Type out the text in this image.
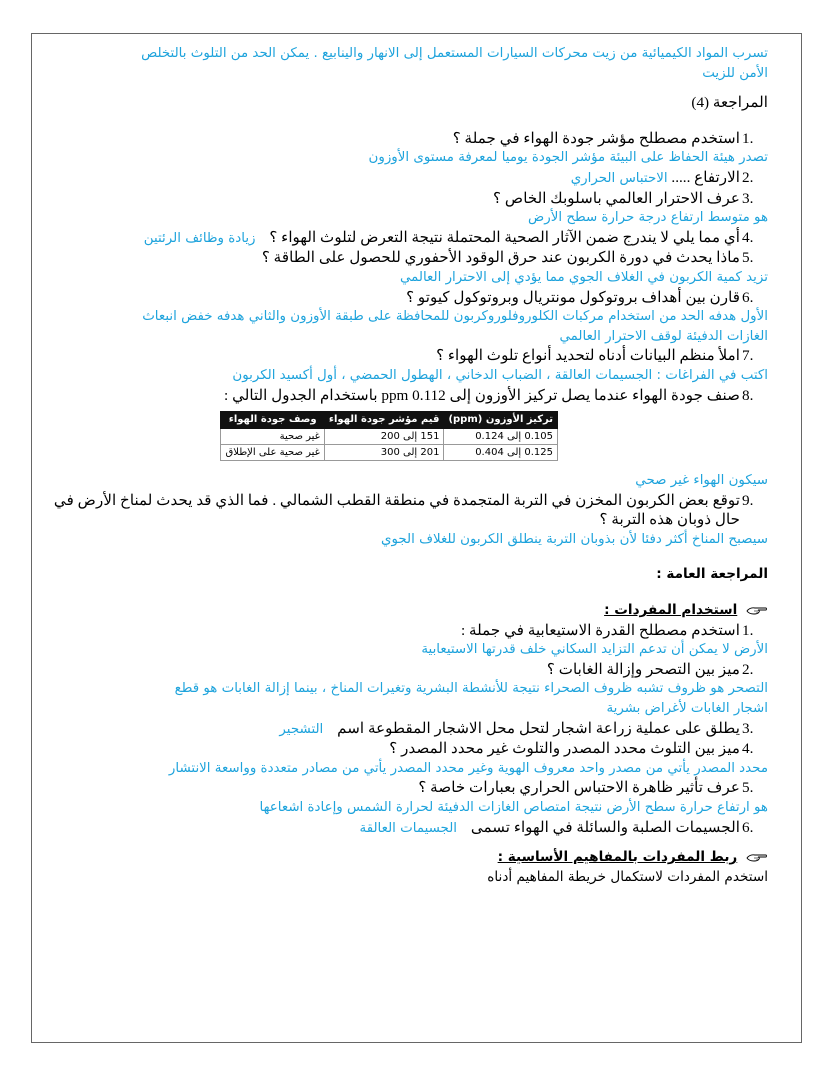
تسرب المواد الكيميائية من زيت محركات السيارات المستعمل إلى الانهار والينابيع . يمكن الحد من التلوث بالتخلص
الأمن للزيت
المراجعة (4)
1.
استخدم مصطلح مؤشر جودة الهواء في جملة ؟
تصدر هيئة الحفاظ على البيئة مؤشر الجودة يوميا لمعرفة مستوى الأوزون
2.
الارتفاع ..... الاحتباس الحراري
3.
عرف الاحترار العالمي باسلوبك الخاص ؟
هو متوسط ارتفاع درجة حرارة سطح الأرض
4.
أي مما يلي لا يندرج ضمن الآثار الصحية المحتملة نتيجة التعرض لتلوث الهواء ؟ زيادة وظائف الرئتين
5.
ماذا يحدث في دورة الكربون عند حرق الوقود الأحفوري للحصول على الطاقة ؟
تزيد كمية الكربون في الغلاف الجوي مما يؤدي إلى الاحترار العالمي
6.
قارن بين أهداف بروتوكول مونتريال وبروتوكول كيوتو ؟
الأول هدفه الحد من استخدام مركبات الكلوروفلوروكربون للمحافظة على طبقة الأوزون والثاني هدفه خفض انبعاث
الغازات الدفيئة لوقف الاحترار العالمي
7.
املأ منظم البيانات أدناه لتحديد أنواع تلوث الهواء ؟
اكتب في الفراغات : الجسيمات العالقة ، الضباب الدخاني ، الهطول الحمضي ، أول أكسيد الكربون
8.
صنف جودة الهواء عندما يصل تركيز الأوزون إلى 0.112 ppm باستخدام الجدول التالي :
تركيز الأوزون (ppm)	قيم مؤشر جودة الهواء	وصف جودة الهواء
0.105 إلى 0.124	151 إلى 200	غير صحية
0.125 إلى 0.404	201 إلى 300	غير صحية على الإطلاق
سيكون الهواء غير صحي
9.
توقع بعض الكربون المخزن في التربة المتجمدة في منطقة القطب الشمالي . فما الذي قد يحدث لمناخ الأرض في
حال ذوبان هذه التربة ؟
سيصبح المناخ أكثر دفئا لأن بذوبان التربة ينطلق الكربون للغلاف الجوي
المراجعة العامة :
استخدام المفردات :
1.
استخدم مصطلح القدرة الاستيعابية في جملة :
الأرض لا يمكن أن تدعم التزايد السكاني خلف قدرتها الاستيعابية
2.
ميز بين التصحر وإزالة الغابات ؟
التصحر هو ظروف تشبه ظروف الصحراء نتيجة للأنشطة البشرية وتغيرات المناخ ، بينما إزالة الغابات هو قطع
اشجار الغابات لأغراض بشرية
3.
يطلق على عملية زراعة اشجار لتحل محل الاشجار المقطوعة اسم التشجير
4.
ميز بين التلوث محدد المصدر والتلوث غير محدد المصدر ؟
محدد المصدر يأتي من مصدر واحد معروف الهوية وغير محدد المصدر يأتي من مصادر متعددة وواسعة الانتشار
5.
عرف تأثير ظاهرة الاحتباس الحراري بعبارات خاصة ؟
هو ارتفاع حرارة سطح الأرض نتيجة امتصاص الغازات الدفيئة لحرارة الشمس وإعادة اشعاعها
6.
الجسيمات الصلبة والسائلة في الهواء تسمى الجسيمات العالقة
ربط المفردات بالمفاهيم الأساسية :
استخدم المفردات لاستكمال خريطة المفاهيم أدناه
